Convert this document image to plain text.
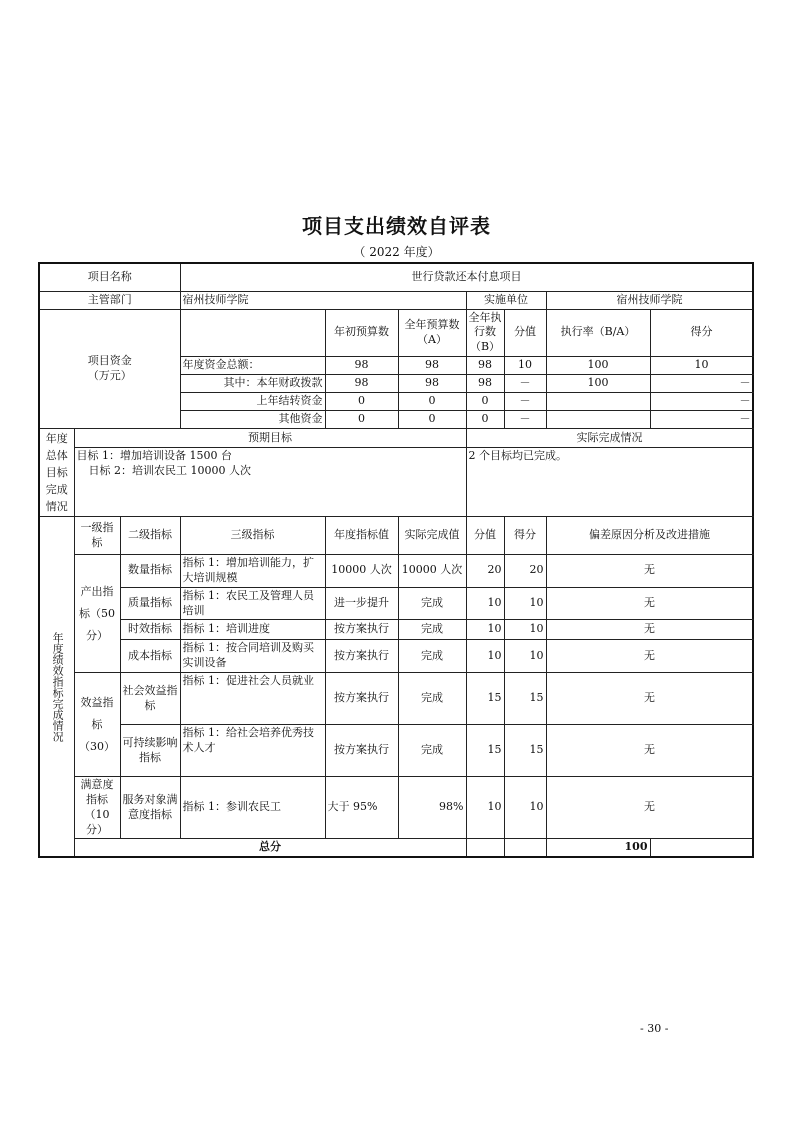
项目支出绩效自评表
（ 2022 年度）
项目名称			世行贷款还本付息项目						
主管部门			宿州技师学院			实施单位		宿州技师学院	

项目资金
（万元）				年初预算数	全年预算数（A）	全年执行数（B）	分值	执行率（B/A）	得分
			年度资金总额：	98	98	98	10	100	10
			其中：本年财政拨款	98	98	98	－	100	－
			上年结转资金	0	0	0	－		－
			其他资金	0	0	0	－		－
年度总体目标完成情况	预期目标					实际完成情况			

	目标 1：增加培训设备 1500 台
日标 2：培训农民工 10000 人次					2 个目标均已完成。			

年度绩效指标完成情况	一级指标	二级指标	三级指标	年度指标值	实际完成值	分值	得分	偏差原因分析及改进措施	
	产出指标（50 分）	数量指标	指标 1：增加培训能力，扩大培训规模	10000 人次	10000 人次	20	20	无	
		质量指标	指标 1：农民工及管理人员培训	进一步提升	完成	10	10	无	
		时效指标	指标 1：培训进度	按方案执行	完成	10	10	无	
		成本指标	指标 1：按合同培训及购买实训设备	按方案执行	完成	10	10	无	
	效益指标（30）	社会效益指标	指标 1：促进社会人员就业	按方案执行	完成	15	15	无	
		可持续影响指标	指标 1：给社会培养优秀技术人才	按方案执行	完成	15	15	无	
	满意度指标（10 分）	服务对象满意度指标	指标 1：参训农民工	大于 95%	98%	10	10	无	
	总分							100	
- 30 -
